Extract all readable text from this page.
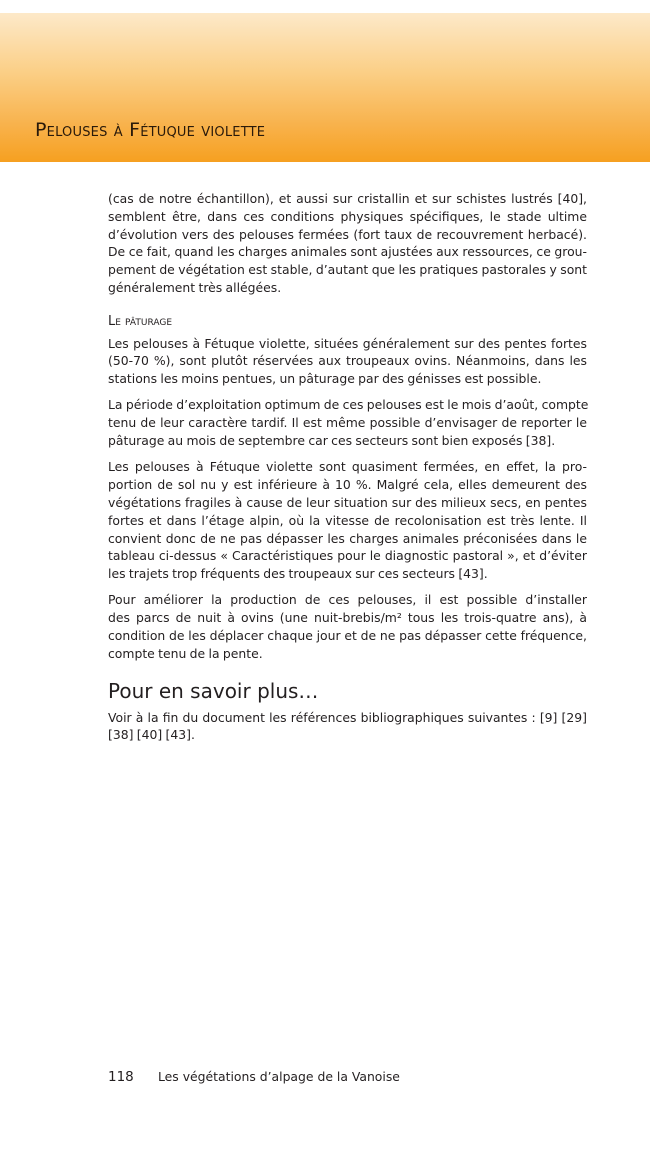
Pelouses à Fétuque violette
(cas de notre échantillon), et aussi sur cristallin et sur schistes lustrés [40],
semblent être, dans ces conditions physiques spécifiques, le stade ultime
d’évolution vers des pelouses fermées (fort taux de recouvrement herbacé).
De ce fait, quand les charges animales sont ajustées aux ressources, ce grou-
pement de végétation est stable, d’autant que les pratiques pastorales y sont
généralement très allégées.
Le pâturage
Les pelouses à Fétuque violette, situées généralement sur des pentes fortes
(50-70 %), sont plutôt réservées aux troupeaux ovins. Néanmoins, dans les
stations les moins pentues, un pâturage par des génisses est possible.
La période d’exploitation optimum de ces pelouses est le mois d’août, compte
tenu de leur caractère tardif. Il est même possible d’envisager de reporter le
pâturage au mois de septembre car ces secteurs sont bien exposés [38].
Les pelouses à Fétuque violette sont quasiment fermées, en effet, la pro-
portion de sol nu y est inférieure à 10 %. Malgré cela, elles demeurent des
végétations fragiles à cause de leur situation sur des milieux secs, en pentes
fortes et dans l’étage alpin, où la vitesse de recolonisation est très lente. Il
convient donc de ne pas dépasser les charges animales préconisées dans le
tableau ci-dessus « Caractéristiques pour le diagnostic pastoral », et d’éviter
les trajets trop fréquents des troupeaux sur ces secteurs [43].
Pour améliorer la production de ces pelouses, il est possible d’installer
des parcs de nuit à ovins (une nuit-brebis/m² tous les trois-quatre ans), à
condition de les déplacer chaque jour et de ne pas dépasser cette fréquence,
compte tenu de la pente.
Pour en savoir plus…
Voir à la fin du document les références bibliographiques suivantes : [9] [29]
[38] [40] [43].
118 Les végétations d’alpage de la Vanoise
